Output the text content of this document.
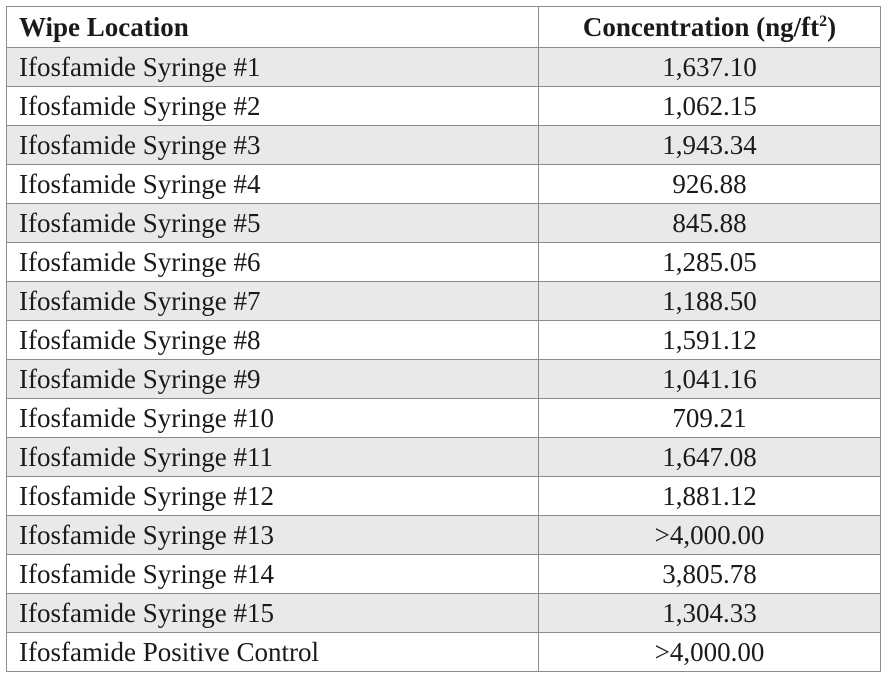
Wipe Location	Concentration $(ng/ft^2)$
Ifosfamide Syringe #1	1,637.10
Ifosfamide Syringe #2	1,062.15
Ifosfamide Syringe #3	1,943.34
Ifosfamide Syringe #4	926.88
Ifosfamide Syringe #5	845.88
Ifosfamide Syringe #6	1,285.05
Ifosfamide Syringe #7	1,188.50
Ifosfamide Syringe #8	1,591.12
Ifosfamide Syringe #9	1,041.16
Ifosfamide Syringe #10	709.21
Ifosfamide Syringe #11	1,647.08
Ifosfamide Syringe #12	1,881.12
Ifosfamide Syringe #13	>4,000.00
Ifosfamide Syringe #14	3,805.78
Ifosfamide Syringe #15	1,304.33
Ifosfamide Positive Control	>4,000.00
